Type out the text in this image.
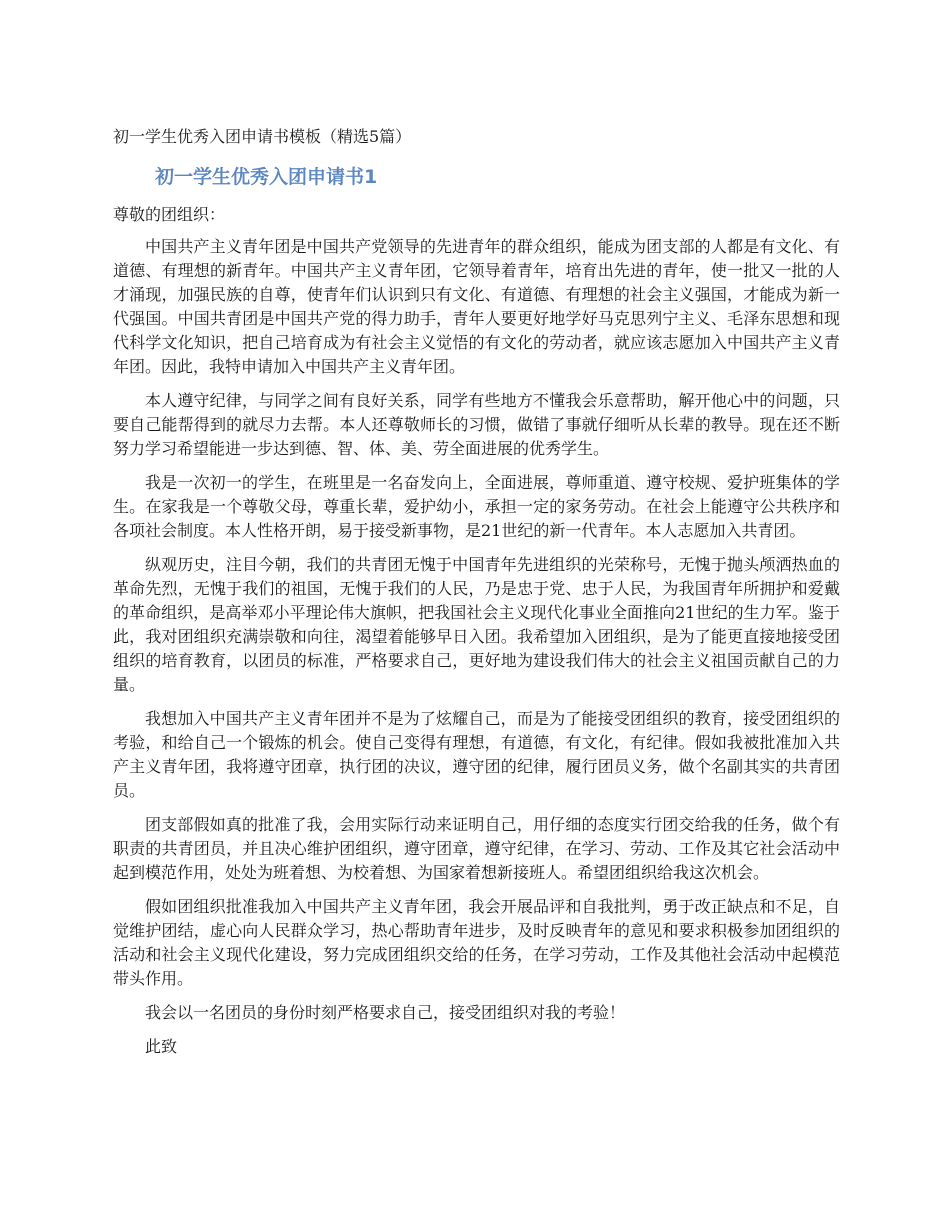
初一学生优秀入团申请书模板（精选5篇）

初一学生优秀入团申请书1

尊敬的团组织：

中国共产主义青年团是中国共产党领导的先进青年的群众组织，能成为团支部的人都是有文化、有道德、有理想的新青年。中国共产主义青年团，它领导着青年，培育出先进的青年，使一批又一批的人才涌现，加强民族的自尊，使青年们认识到只有文化、有道德、有理想的社会主义强国，才能成为新一代强国。中国共青团是中国共产党的得力助手，青年人要更好地学好马克思列宁主义、毛泽东思想和现代科学文化知识，把自己培育成为有社会主义觉悟的有文化的劳动者，就应该志愿加入中国共产主义青年团。因此，我特申请加入中国共产主义青年团。

本人遵守纪律，与同学之间有良好关系，同学有些地方不懂我会乐意帮助，解开他心中的问题，只要自己能帮得到的就尽力去帮。本人还尊敬师长的习惯，做错了事就仔细听从长辈的教导。现在还不断努力学习希望能进一步达到德、智、体、美、劳全面进展的优秀学生。

我是一次初一的学生，在班里是一名奋发向上，全面进展，尊师重道、遵守校规、爱护班集体的学生。在家我是一个尊敬父母，尊重长辈，爱护幼小，承担一定的家务劳动。在社会上能遵守公共秩序和各项社会制度。本人性格开朗，易于接受新事物，是21世纪的新一代青年。本人志愿加入共青团。

纵观历史，注目今朝，我们的共青团无愧于中国青年先进组织的光荣称号，无愧于抛头颅洒热血的革命先烈，无愧于我们的祖国，无愧于我们的人民，乃是忠于党、忠于人民，为我国青年所拥护和爱戴的革命组织，是高举邓小平理论伟大旗帜，把我国社会主义现代化事业全面推向21世纪的生力军。鉴于此，我对团组织充满崇敬和向往，渴望着能够早日入团。我希望加入团组织，是为了能更直接地接受团组织的培育教育，以团员的标准，严格要求自己，更好地为建设我们伟大的社会主义祖国贡献自己的力量。

我想加入中国共产主义青年团并不是为了炫耀自己，而是为了能接受团组织的教育，接受团组织的考验，和给自己一个锻炼的机会。使自己变得有理想，有道德，有文化，有纪律。假如我被批准加入共产主义青年团，我将遵守团章，执行团的决议，遵守团的纪律，履行团员义务，做个名副其实的共青团员。

团支部假如真的批准了我，会用实际行动来证明自己，用仔细的态度实行团交给我的任务，做个有职责的共青团员，并且决心维护团组织，遵守团章，遵守纪律，在学习、劳动、工作及其它社会活动中起到模范作用，处处为班着想、为校着想、为国家着想新接班人。希望团组织给我这次机会。

假如团组织批准我加入中国共产主义青年团，我会开展品评和自我批判，勇于改正缺点和不足，自觉维护团结，虚心向人民群众学习，热心帮助青年进步，及时反映青年的意见和要求积极参加团组织的活动和社会主义现代化建设，努力完成团组织交给的任务，在学习劳动，工作及其他社会活动中起模范带头作用。

我会以一名团员的身份时刻严格要求自己，接受团组织对我的考验！

此致
